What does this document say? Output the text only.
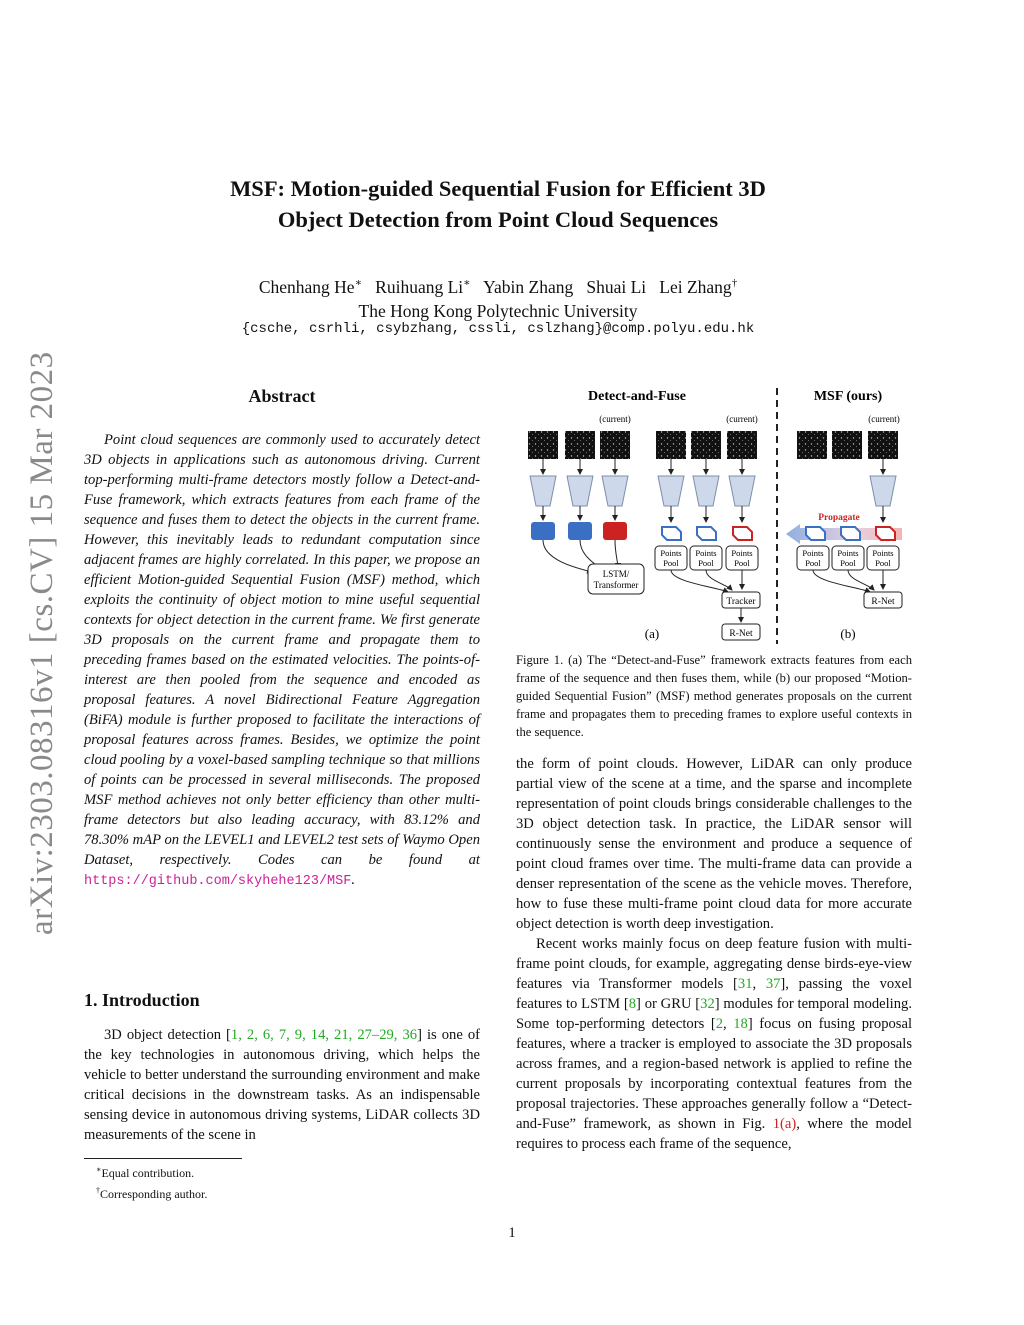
arXiv:2303.08316v1 [cs.CV] 15 Mar 2023
MSF: Motion-guided Sequential Fusion for Efficient 3D
Object Detection from Point Cloud Sequences
Chenhang He∗ Ruihuang Li∗ Yabin Zhang Shuai Li Lei Zhang†
The Hong Kong Polytechnic University
{csche, csrhli, csybzhang, cssli, cslzhang}@comp.polyu.edu.hk
Abstract

Point cloud sequences are commonly used to accurately detect 3D objects in applications such as autonomous driving. Current top-performing multi-frame detectors mostly follow a Detect-and-Fuse framework, which extracts features from each frame of the sequence and fuses them to detect the objects in the current frame. However, this inevitably leads to redundant computation since adjacent frames are highly correlated. In this paper, we propose an efficient Motion-guided Sequential Fusion (MSF) method, which exploits the continuity of object motion to mine useful sequential contexts for object detection in the current frame. We first generate 3D proposals on the current frame and propagate them to preceding frames based on the estimated velocities. The points-of-interest are then pooled from the sequence and encoded as proposal features. A novel Bidirectional Feature Aggregation (BiFA) module is further proposed to facilitate the interactions of proposal features across frames. Besides, we optimize the point cloud pooling by a voxel-based sampling technique so that millions of points can be processed in several milliseconds. The proposed MSF method achieves not only better efficiency than other multi-frame detectors but also leading accuracy, with 83.12% and 78.30% mAP on the LEVEL1 and LEVEL2 test sets of Waymo Open Dataset, respectively. Codes can be found at https://github.com/skyhehe123/MSF.

1. Introduction

3D object detection [1, 2, 6, 7, 9, 14, 21, 27–29, 36] is one of the key technologies in autonomous driving, which helps the vehicle to better understand the surrounding environment and make critical decisions in the downstream tasks. As an indispensable sensing device in autonomous driving systems, LiDAR collects 3D measurements of the scene in

∗Equal contribution.
†Corresponding author.
Detect-and-Fuse	MSF (ours)
(current)	(current)	(current)
LSTM/
Transformer
Points
Pool
Points
Pool
Points
Pool
Tracker
R-Net
(a)
Propagate
Points
Pool
Points
Pool
Points
Pool
R-Net
(b)

Figure 1. (a) The “Detect-and-Fuse” framework extracts features from each frame of the sequence and then fuses them, while (b) our proposed “Motion-guided Sequential Fusion” (MSF) method generates proposals on the current frame and propagates them to preceding frames to explore useful contexts in the sequence.

the form of point clouds. However, LiDAR can only produce partial view of the scene at a time, and the sparse and incomplete representation of point clouds brings considerable challenges to the 3D object detection task. In practice, the LiDAR sensor will continuously sense the environment and produce a sequence of point cloud frames over time. The multi-frame data can provide a denser representation of the scene as the vehicle moves. Therefore, how to fuse these multi-frame point cloud data for more accurate object detection is worth deep investigation.

Recent works mainly focus on deep feature fusion with multi-frame point clouds, for example, aggregating dense birds-eye-view features via Transformer models [31, 37], passing the voxel features to LSTM [8] or GRU [32] modules for temporal modeling. Some top-performing detectors [2, 18] focus on fusing proposal features, where a tracker is employed to associate the 3D proposals across frames, and a region-based network is applied to refine the current proposals by incorporating contextual features from the proposal trajectories. These approaches generally follow a “Detect-and-Fuse” framework, as shown in Fig. 1(a), where the model requires to process each frame of the sequence,

1
